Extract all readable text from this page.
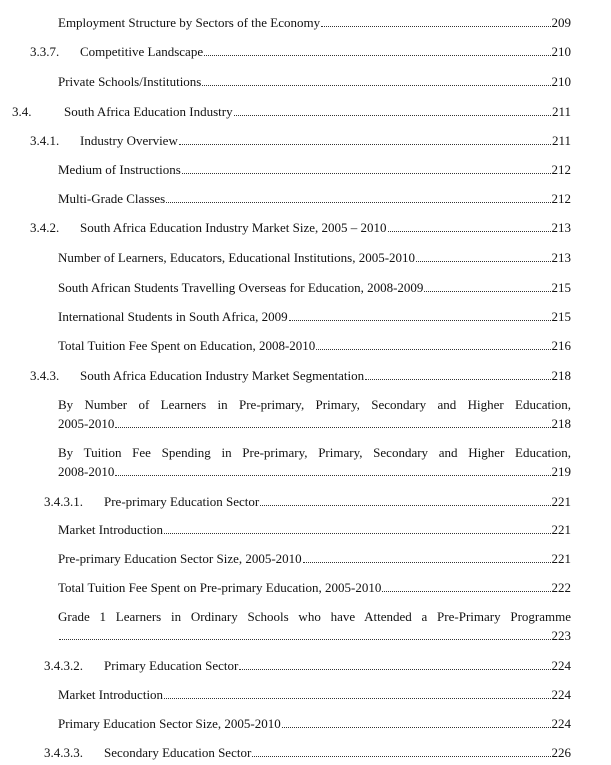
Employment Structure by Sectors of the Economy	209
3.3.7.	Competitive Landscape	210
Private Schools/Institutions	210
3.4.	South Africa Education Industry	211
3.4.1.	Industry Overview	211
Medium of Instructions	212
Multi-Grade Classes	212
3.4.2.	South Africa Education Industry Market Size, 2005 – 2010	213
Number of Learners, Educators, Educational Institutions, 2005-2010	213
South African Students Travelling Overseas for Education, 2008-2009	215
International Students in South Africa, 2009	215
Total Tuition Fee Spent on Education, 2008-2010	216
3.4.3.	South Africa Education Industry Market Segmentation	218
By Number of Learners in Pre-primary, Primary, Secondary and Higher Education,
2005-2010	218
By Tuition Fee Spending in Pre-primary, Primary, Secondary and Higher Education,
2008-2010	219
3.4.3.1.	Pre-primary Education Sector	221
Market Introduction	221
Pre-primary Education Sector Size, 2005-2010	221
Total Tuition Fee Spent on Pre-primary Education, 2005-2010	222
Grade 1 Learners in Ordinary Schools who have Attended a Pre-Primary Programme
223
3.4.3.2.	Primary Education Sector	224
Market Introduction	224
Primary Education Sector Size, 2005-2010	224
3.4.3.3.	Secondary Education Sector	226
